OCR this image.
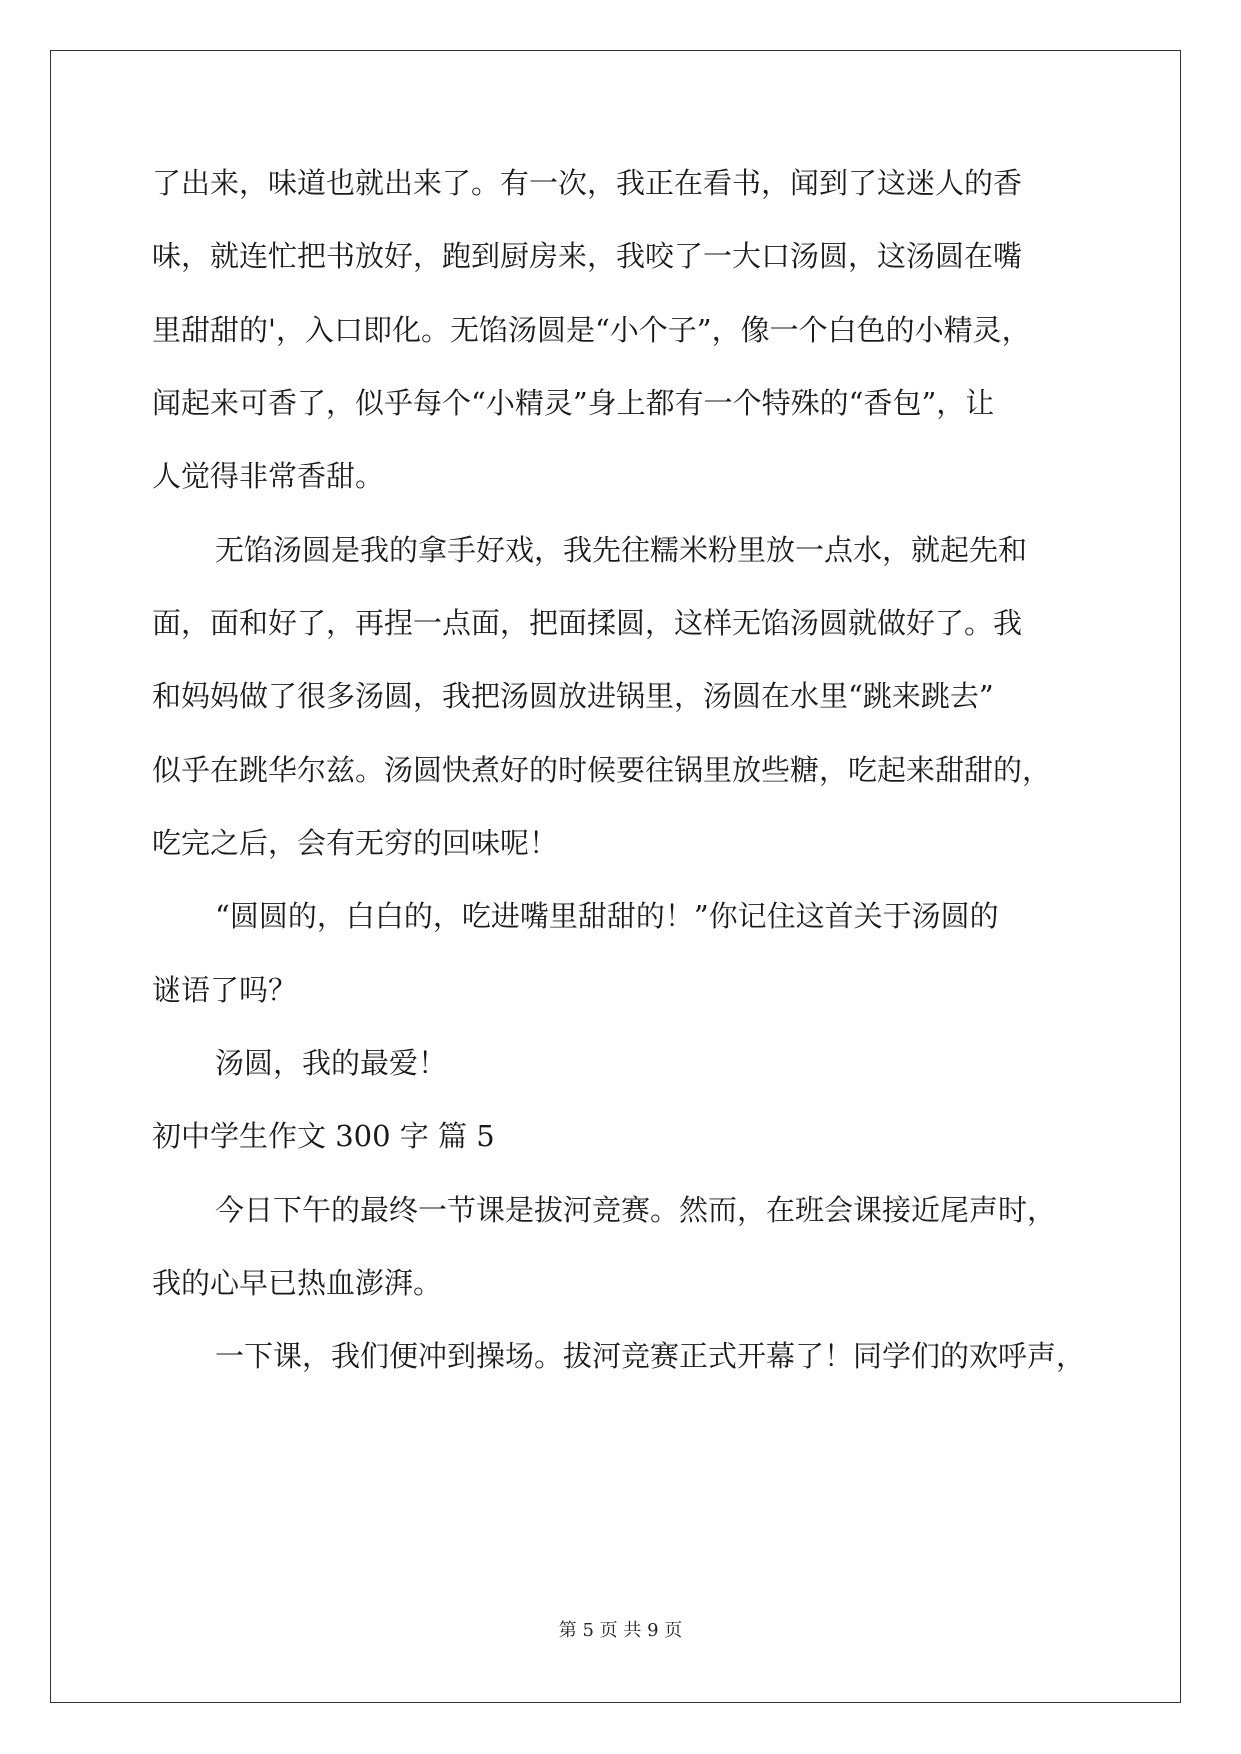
了出来，味道也就出来了。有一次，我正在看书，闻到了这迷人的香
味，就连忙把书放好，跑到厨房来，我咬了一大口汤圆，这汤圆在嘴
里甜甜的'，入口即化。无馅汤圆是“小个子”，像一个白色的小精灵，
闻起来可香了，似乎每个“小精灵”身上都有一个特殊的“香包”，让
人觉得非常香甜。
无馅汤圆是我的拿手好戏，我先往糯米粉里放一点水，就起先和
面，面和好了，再捏一点面，把面揉圆，这样无馅汤圆就做好了。我
和妈妈做了很多汤圆，我把汤圆放进锅里，汤圆在水里“跳来跳去”
似乎在跳华尔兹。汤圆快煮好的时候要往锅里放些糖，吃起来甜甜的，
吃完之后，会有无穷的回味呢！
“圆圆的，白白的，吃进嘴里甜甜的！”你记住这首关于汤圆的
谜语了吗？
汤圆，我的最爱！
初中学生作文 300 字 篇 5
今日下午的最终一节课是拔河竞赛。然而，在班会课接近尾声时，
我的心早已热血澎湃。
一下课，我们便冲到操场。拔河竞赛正式开幕了！同学们的欢呼声，
第 5 页 共 9 页
